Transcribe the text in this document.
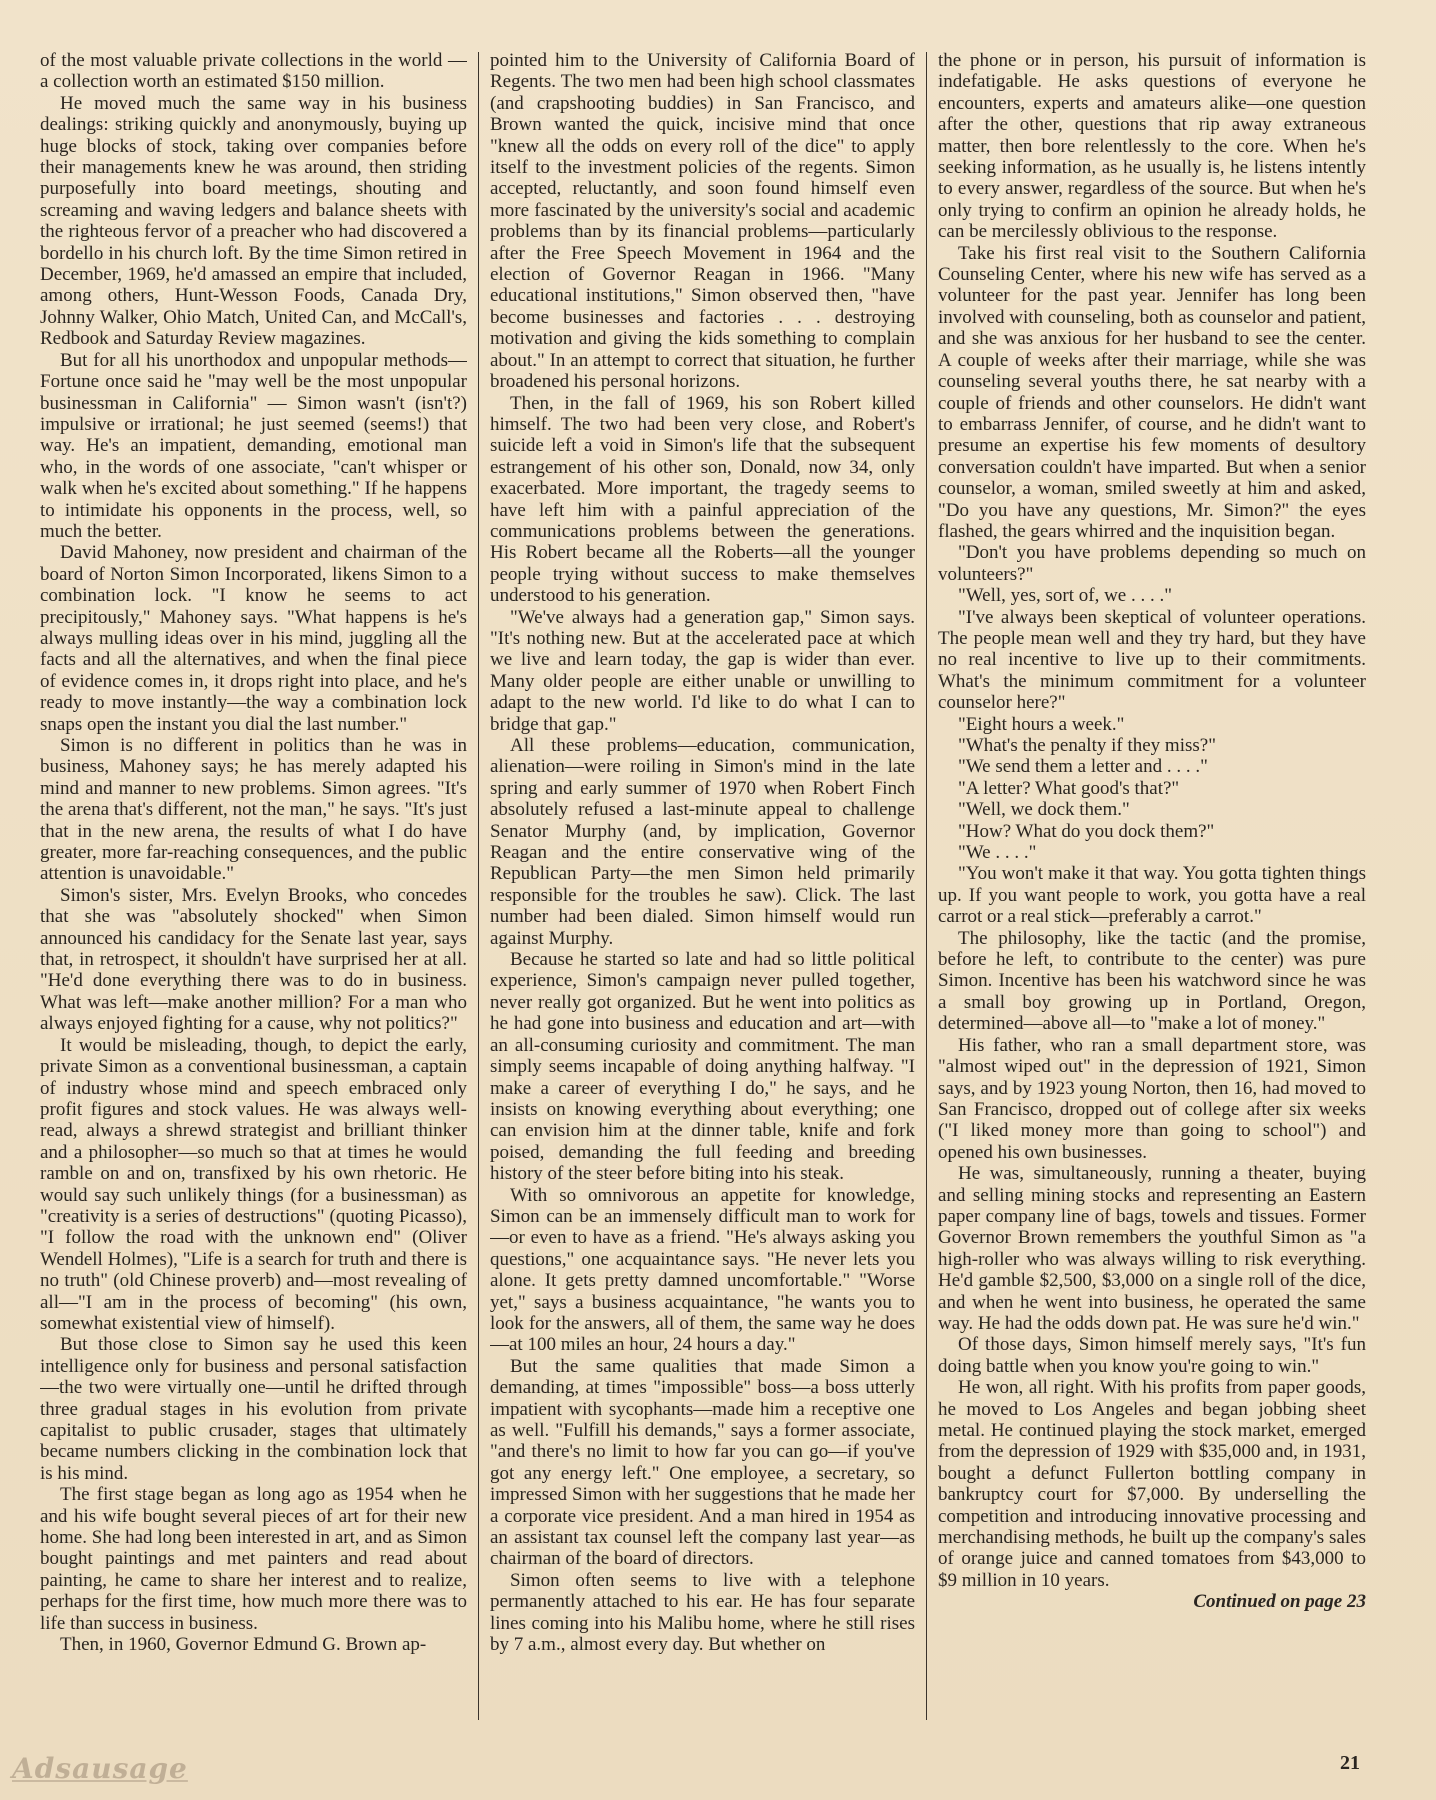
of the most valuable private collections in the world —a collection worth an estimated $150 million.

He moved much the same way in his business dealings: striking quickly and anonymously, buying up huge blocks of stock, taking over companies before their managements knew he was around, then striding purposefully into board meetings, shouting and screaming and waving ledgers and balance sheets with the righteous fervor of a preacher who had discovered a bordello in his church loft. By the time Simon retired in December, 1969, he'd amassed an empire that included, among others, Hunt-Wesson Foods, Canada Dry, Johnny Walker, Ohio Match, United Can, and McCall's, Redbook and Saturday Review magazines.

But for all his unorthodox and unpopular methods—Fortune once said he "may well be the most unpopular businessman in California" — Simon wasn't (isn't?) impulsive or irrational; he just seemed (seems!) that way. He's an impatient, demanding, emotional man who, in the words of one associate, "can't whisper or walk when he's excited about something." If he happens to intimidate his opponents in the process, well, so much the better.

David Mahoney, now president and chairman of the board of Norton Simon Incorporated, likens Simon to a combination lock. "I know he seems to act precipitously," Mahoney says. "What happens is he's always mulling ideas over in his mind, juggling all the facts and all the alternatives, and when the final piece of evidence comes in, it drops right into place, and he's ready to move instantly—the way a combination lock snaps open the instant you dial the last number."

Simon is no different in politics than he was in business, Mahoney says; he has merely adapted his mind and manner to new problems. Simon agrees. "It's the arena that's different, not the man," he says. "It's just that in the new arena, the results of what I do have greater, more far-reaching consequences, and the public attention is unavoidable."

Simon's sister, Mrs. Evelyn Brooks, who concedes that she was "absolutely shocked" when Simon announced his candidacy for the Senate last year, says that, in retrospect, it shouldn't have surprised her at all. "He'd done everything there was to do in business. What was left—make another million? For a man who always enjoyed fighting for a cause, why not politics?"

It would be misleading, though, to depict the early, private Simon as a conventional businessman, a captain of industry whose mind and speech embraced only profit figures and stock values. He was always well-read, always a shrewd strategist and brilliant thinker and a philosopher—so much so that at times he would ramble on and on, transfixed by his own rhetoric. He would say such unlikely things (for a businessman) as "creativity is a series of destructions" (quoting Picasso), "I follow the road with the unknown end" (Oliver Wendell Holmes), "Life is a search for truth and there is no truth" (old Chinese proverb) and—most revealing of all—"I am in the process of becoming" (his own, somewhat existential view of himself).

But those close to Simon say he used this keen intelligence only for business and personal satisfaction—the two were virtually one—until he drifted through three gradual stages in his evolution from private capitalist to public crusader, stages that ultimately became numbers clicking in the combination lock that is his mind.

The first stage began as long ago as 1954 when he and his wife bought several pieces of art for their new home. She had long been interested in art, and as Simon bought paintings and met painters and read about painting, he came to share her interest and to realize, perhaps for the first time, how much more there was to life than success in business.

Then, in 1960, Governor Edmund G. Brown ap-

pointed him to the University of California Board of Regents. The two men had been high school classmates (and crapshooting buddies) in San Francisco, and Brown wanted the quick, incisive mind that once "knew all the odds on every roll of the dice" to apply itself to the investment policies of the regents. Simon accepted, reluctantly, and soon found himself even more fascinated by the university's social and academic problems than by its financial problems—particularly after the Free Speech Movement in 1964 and the election of Governor Reagan in 1966. "Many educational institutions," Simon observed then, "have become businesses and factories . . . destroying motivation and giving the kids something to complain about." In an attempt to correct that situation, he further broadened his personal horizons.

Then, in the fall of 1969, his son Robert killed himself. The two had been very close, and Robert's suicide left a void in Simon's life that the subsequent estrangement of his other son, Donald, now 34, only exacerbated. More important, the tragedy seems to have left him with a painful appreciation of the communications problems between the generations. His Robert became all the Roberts—all the younger people trying without success to make themselves understood to his generation.

"We've always had a generation gap," Simon says. "It's nothing new. But at the accelerated pace at which we live and learn today, the gap is wider than ever. Many older people are either unable or unwilling to adapt to the new world. I'd like to do what I can to bridge that gap."

All these problems—education, communication, alienation—were roiling in Simon's mind in the late spring and early summer of 1970 when Robert Finch absolutely refused a last-minute appeal to challenge Senator Murphy (and, by implication, Governor Reagan and the entire conservative wing of the Republican Party—the men Simon held primarily responsible for the troubles he saw). Click. The last number had been dialed. Simon himself would run against Murphy.

Because he started so late and had so little political experience, Simon's campaign never pulled together, never really got organized. But he went into politics as he had gone into business and education and art—with an all-consuming curiosity and commitment. The man simply seems incapable of doing anything halfway. "I make a career of everything I do," he says, and he insists on knowing everything about everything; one can envision him at the dinner table, knife and fork poised, demanding the full feeding and breeding history of the steer before biting into his steak.

With so omnivorous an appetite for knowledge, Simon can be an immensely difficult man to work for—or even to have as a friend. "He's always asking you questions," one acquaintance says. "He never lets you alone. It gets pretty damned uncomfortable." "Worse yet," says a business acquaintance, "he wants you to look for the answers, all of them, the same way he does—at 100 miles an hour, 24 hours a day."

But the same qualities that made Simon a demanding, at times "impossible" boss—a boss utterly impatient with sycophants—made him a receptive one as well. "Fulfill his demands," says a former associate, "and there's no limit to how far you can go—if you've got any energy left." One employee, a secretary, so impressed Simon with her suggestions that he made her a corporate vice president. And a man hired in 1954 as an assistant tax counsel left the company last year—as chairman of the board of directors.

Simon often seems to live with a telephone permanently attached to his ear. He has four separate lines coming into his Malibu home, where he still rises by 7 a.m., almost every day. But whether on

the phone or in person, his pursuit of information is indefatigable. He asks questions of everyone he encounters, experts and amateurs alike—one question after the other, questions that rip away extraneous matter, then bore relentlessly to the core. When he's seeking information, as he usually is, he listens intently to every answer, regardless of the source. But when he's only trying to confirm an opinion he already holds, he can be mercilessly oblivious to the response.

Take his first real visit to the Southern California Counseling Center, where his new wife has served as a volunteer for the past year. Jennifer has long been involved with counseling, both as counselor and patient, and she was anxious for her husband to see the center. A couple of weeks after their marriage, while she was counseling several youths there, he sat nearby with a couple of friends and other counselors. He didn't want to embarrass Jennifer, of course, and he didn't want to presume an expertise his few moments of desultory conversation couldn't have imparted. But when a senior counselor, a woman, smiled sweetly at him and asked, "Do you have any questions, Mr. Simon?" the eyes flashed, the gears whirred and the inquisition began.

"Don't you have problems depending so much on volunteers?"

"Well, yes, sort of, we . . . ."

"I've always been skeptical of volunteer operations. The people mean well and they try hard, but they have no real incentive to live up to their commitments. What's the minimum commitment for a volunteer counselor here?"

"Eight hours a week."

"What's the penalty if they miss?"

"We send them a letter and . . . ."

"A letter? What good's that?"

"Well, we dock them."

"How? What do you dock them?"

"We . . . ."

"You won't make it that way. You gotta tighten things up. If you want people to work, you gotta have a real carrot or a real stick—preferably a carrot."

The philosophy, like the tactic (and the promise, before he left, to contribute to the center) was pure Simon. Incentive has been his watchword since he was a small boy growing up in Portland, Oregon, determined—above all—to "make a lot of money."

His father, who ran a small department store, was "almost wiped out" in the depression of 1921, Simon says, and by 1923 young Norton, then 16, had moved to San Francisco, dropped out of college after six weeks ("I liked money more than going to school") and opened his own businesses.

He was, simultaneously, running a theater, buying and selling mining stocks and representing an Eastern paper company line of bags, towels and tissues. Former Governor Brown remembers the youthful Simon as "a high-roller who was always willing to risk everything. He'd gamble $2,500, $3,000 on a single roll of the dice, and when he went into business, he operated the same way. He had the odds down pat. He was sure he'd win."

Of those days, Simon himself merely says, "It's fun doing battle when you know you're going to win."

He won, all right. With his profits from paper goods, he moved to Los Angeles and began jobbing sheet metal. He continued playing the stock market, emerged from the depression of 1929 with $35,000 and, in 1931, bought a defunct Fullerton bottling company in bankruptcy court for $7,000. By underselling the competition and introducing innovative processing and merchandising methods, he built up the company's sales of orange juice and canned tomatoes from $43,000 to $9 million in 10 years.

Continued on page 23

Adsausage	21
